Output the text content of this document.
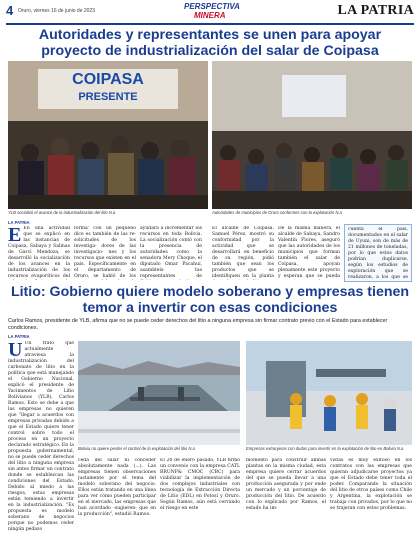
4 Oruro, viernes 16 de junio de 2023	PERSPECTIVA
MINERA	LA PATRIA
Autoridades y representantes se unen para apoyar proyecto de industrialización del salar de Coipasa
COIPASA
PRESENTE
YLB socializó el avance de la industrialización del litio N.a	Autoridades de municipios de Oruro conformes con la explotación N.a
LA PATRIA
E En una actividad que se explicó en las instancias de Coipasa, Sabaya y Salinas de Garci Mendoza, se desarrolló la socialización de los avances en la industrialización de los recursos evaporíticos del
forma' con un pequeño dice es también de las re- solicitudes de los investiga- dores de las investigacio- nes y los recursos que existen en el país. Específicamente en el departamento de Oruro, se habló de los
ayudará a incrementar los recursos en toda Bolivia. La socialización contó con la presencia de autoridades como la senadora Mery Choque, el diputado Omar Pacahuí, asambleís- tas representantes de
El alcalde de Coipasa, Samuel Pérez, mostró su conformidad por la actividad que se desarrollará en beneficio de su región, pidió también que sean los productos que se identifiquen en la planta
De la misma manera, el alcalde de Sabaya, Sandro Valentín Flores, aseguró que las autoridades de los municipios que forman también el salar de Coipasa, apoyan plenamente este proyecto y esperan que se pueda
cuenta el país, documentados en el salar de Uyuni, son de más de 21 millones de toneladas, por lo que estos datos podrían duplicarse, según los estudios de exploración que se realizaron, a los que se
Litio: Gobierno quiere modelo soberano y empresas tienen temor a invertir con esas condiciones
Carlos Ramos, presidente de YLB, afirma que no se puede ceder derechos del litio a ninguna empresa sin firmar contrato previo con el Estado para establecer condiciones.
LA PATRIA
U Un trato que actualmente atraviesa la industrialización del carbonato de litio en la política que está manejando el Gobierno Nacional, explicó el presidente de Yacimientos de Litio Bolivianos (YLB), Carlos Ramos. Esto se debe a que las empresas no quieren que "llegar a acuerdos con empresas privadas debido a que el Estado quiere tener control sobre todo el proceso en un proyecto declarado estratégico. En la propuesta gubernamental, no se puede ceder derechos del litio a ninguna empresa sin antes firmar un contrato donde se establezcan las condiciones del Estado. Debido al miedo a las riesgos, estas empresas están temiendo a invertir en la industrialización. "Es propuesta es modelo soberano de negocios porque no podemos ceder ningún pedazo
Bolivia no quiere perder el control de la explotación del litio N.a	Empresas extranjeras con dudas para invertir en la explotación de litio en Bolivia N.a
ceda del salar ni conceder absolutamente nada (...). Las empresas tienen observaciones justamente por el tema del modelo soberano del negocio. Ellos están tratando en una línea para ver cómo pueden participar en el mercado, las empresas que han acordado -sugieren- que en la producción", estadió Ramos.
El 20 de enero pasado, YLB firmó un convenio con la empresa CATL BRUNP& CMOC (CBC) para viabilizar la implementación de dos complejos industriales con tecnología de Extracción Directa de Litio (EDL) en Potosí y Oruro. Según Ramos, aún está cerrando el riesgo en este
momento para construir ambas plantas en la misma ciudad, esta empresa quiere cerrar acuerdos del que se pueda llevar a una producción asegurada y por ende un mercado y un porcentaje de producción del litio. De acuerdo con lo explicado por Ramos, el estado ha im-
vistas es muy exitoso en los contratos con las empresas que quieran adjudicarse proyectos ya que el Estado debe tener toda el poder. Comparando la situación del litio de otros países como Chile y Argentina, la explotación se trabaja con privados, por lo que no se trajeran con estos problemas.
